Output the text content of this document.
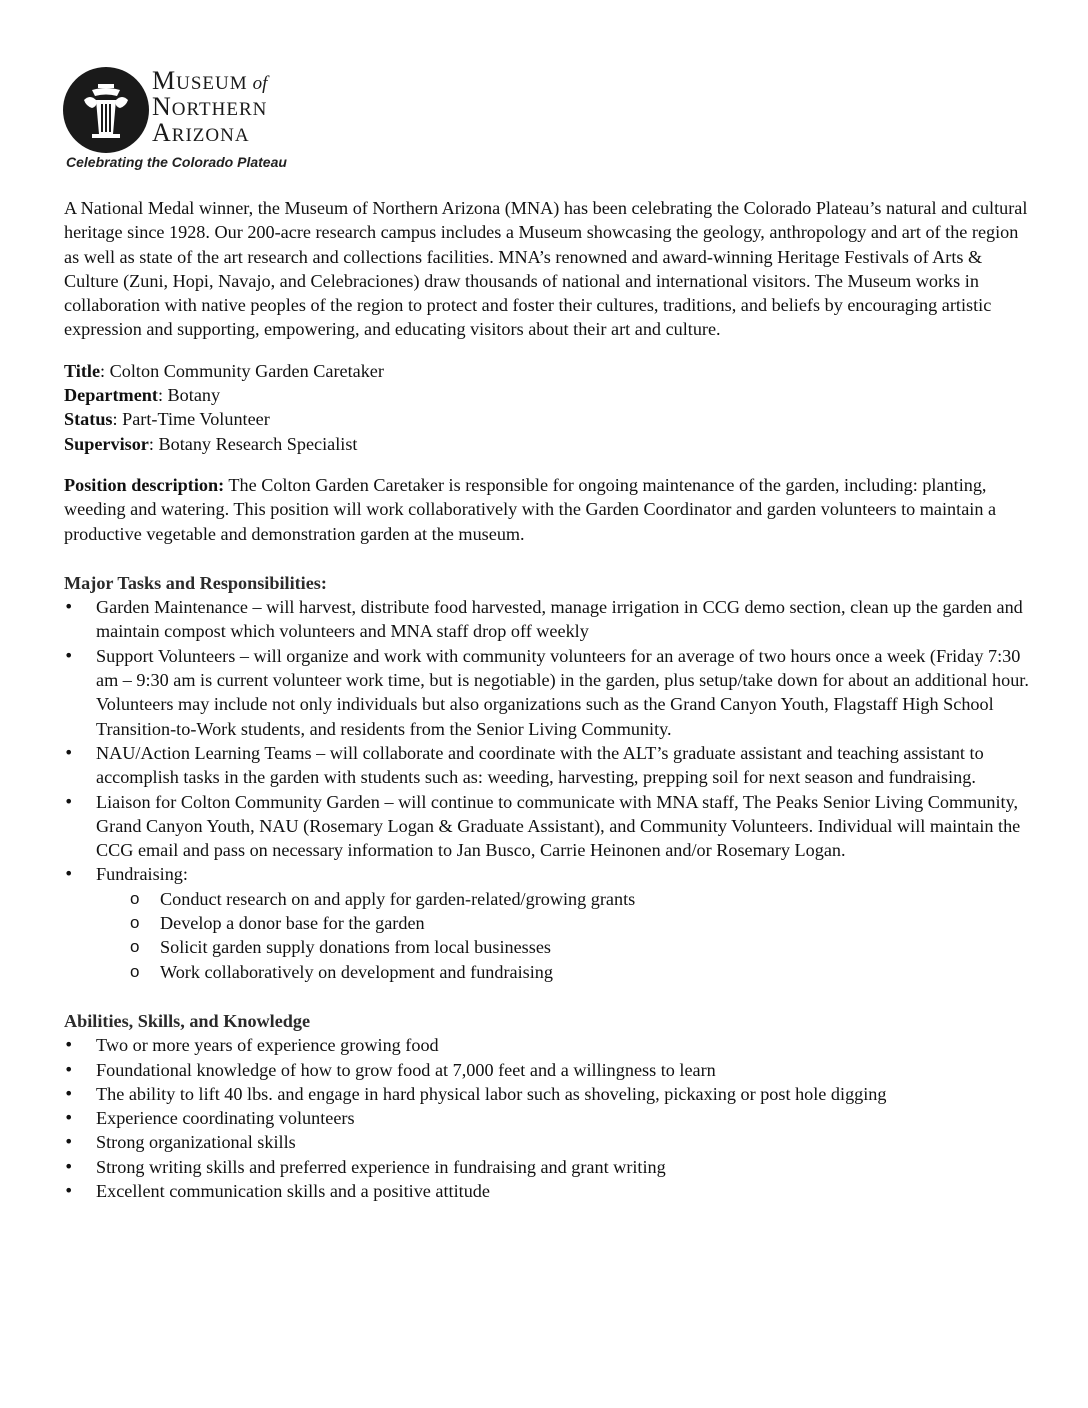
MUSEUM of
NORTHERN
ARIZONA
Celebrating the Colorado Plateau

A National Medal winner, the Museum of Northern Arizona (MNA) has been celebrating the Colorado Plateau’s natural and cultural heritage since 1928. Our 200-acre research campus includes a Museum showcasing the geology, anthropology and art of the region as well as state of the art research and collections facilities. MNA’s renowned and award-winning Heritage Festivals of Arts & Culture (Zuni, Hopi, Navajo, and Celebraciones) draw thousands of national and international visitors. The Museum works in collaboration with native peoples of the region to protect and foster their cultures, traditions, and beliefs by encouraging artistic expression and supporting, empowering, and educating visitors about their art and culture.

Title: Colton Community Garden Caretaker
Department: Botany
Status: Part-Time Volunteer
Supervisor: Botany Research Specialist

Position description: The Colton Garden Caretaker is responsible for ongoing maintenance of the garden, including: planting, weeding and watering. This position will work collaboratively with the Garden Coordinator and garden volunteers to maintain a productive vegetable and demonstration garden at the museum.

Major Tasks and Responsibilities:
• Garden Maintenance – will harvest, distribute food harvested, manage irrigation in CCG demo section, clean up the garden and maintain compost which volunteers and MNA staff drop off weekly
• Support Volunteers – will organize and work with community volunteers for an average of two hours once a week (Friday 7:30 am – 9:30 am is current volunteer work time, but is negotiable) in the garden, plus setup/take down for about an additional hour. Volunteers may include not only individuals but also organizations such as the Grand Canyon Youth, Flagstaff High School Transition-to-Work students, and residents from the Senior Living Community.
• NAU/Action Learning Teams – will collaborate and coordinate with the ALT’s graduate assistant and teaching assistant to accomplish tasks in the garden with students such as: weeding, harvesting, prepping soil for next season and fundraising.
• Liaison for Colton Community Garden – will continue to communicate with MNA staff, The Peaks Senior Living Community, Grand Canyon Youth, NAU (Rosemary Logan & Graduate Assistant), and Community Volunteers. Individual will maintain the CCG email and pass on necessary information to Jan Busco, Carrie Heinonen and/or Rosemary Logan.
• Fundraising:
o Conduct research on and apply for garden-related/growing grants
o Develop a donor base for the garden
o Solicit garden supply donations from local businesses
o Work collaboratively on development and fundraising
Abilities, Skills, and Knowledge
• Two or more years of experience growing food
• Foundational knowledge of how to grow food at 7,000 feet and a willingness to learn
• The ability to lift 40 lbs. and engage in hard physical labor such as shoveling, pickaxing or post hole digging
• Experience coordinating volunteers
• Strong organizational skills
• Strong writing skills and preferred experience in fundraising and grant writing
• Excellent communication skills and a positive attitude
